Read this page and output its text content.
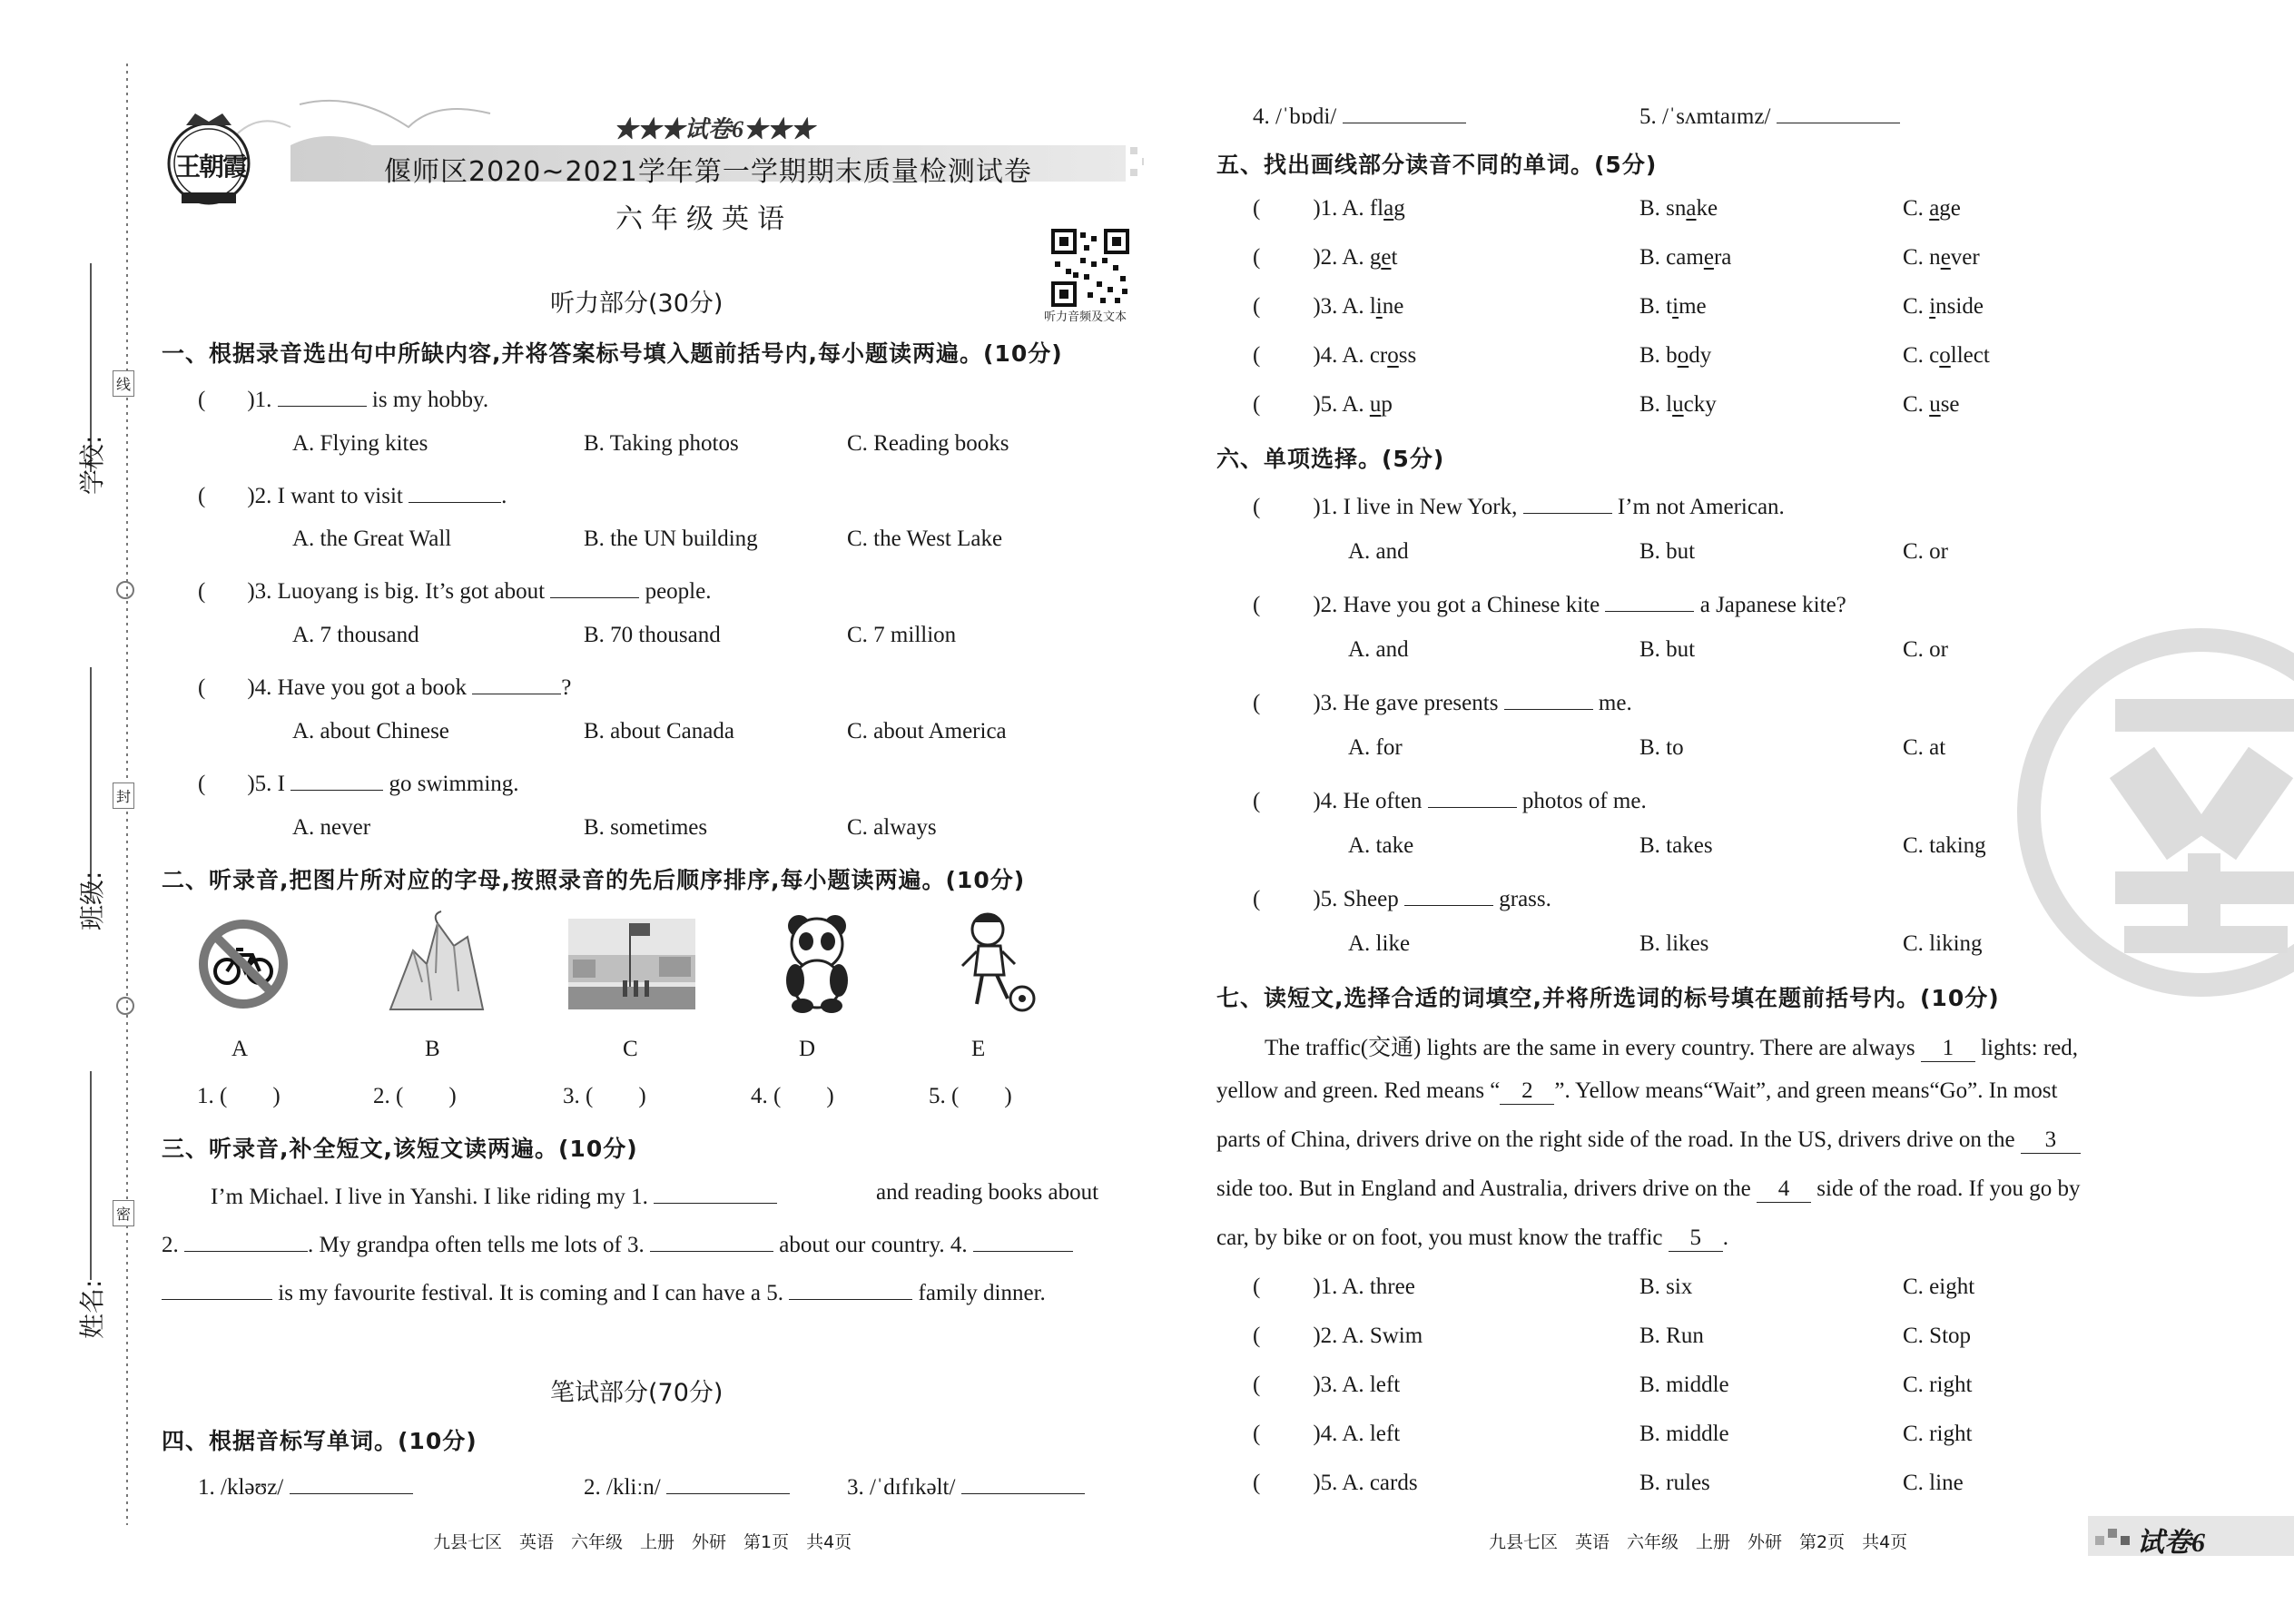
学校:
班级:
姓名:
线
封
密
王朝霞
★★★试卷6★★★
偃师区2020~2021学年第一学期期末质量检测试卷
六年级英语
听力音频及文本
听力部分(30分)
一、根据录音选出句中所缺内容,并将答案标号填入题前括号内,每小题读两遍。(10分)
( )1.	is my hobby.
A. Flying kites	B. Taking photos	C. Reading books
( )2. I want to visit	.
A. the Great Wall	B. the UN building	C. the West Lake
( )3. Luoyang is big. It’s got about	people.
A. 7 thousand	B. 70 thousand	C. 7 million
( )4. Have you got a book	?
A. about Chinese	B. about Canada	C. about America
( )5. I	go swimming.
A. never	B. sometimes	C. always
二、听录音,把图片所对应的字母,按照录音的先后顺序排序,每小题读两遍。(10分)
A	B	C	D	E
1. ( )	2. ( )	3. ( )	4. ( )	5. ( )
三、听录音,补全短文,该短文读两遍。(10分)
I’m Michael. I live in Yanshi. I like riding my 1.	and reading books about
2.	. My grandpa often tells me lots of 3.	about our country. 4.
is my favourite festival. It is coming and I can have a 5.	family dinner.
笔试部分(70分)
四、根据音标写单词。(10分)
1. /kləʊz/	2. /kliːn/	3. /ˈdɪfɪkəlt/
九县七区　英语　六年级　上册　外研　第1页　共4页
4. /ˈbɒdi/	5. /ˈsʌmtaɪmz/
五、找出画线部分读音不同的单词。(5分)
( )1. A. flag	B. snake	C. age
( )2. A. get	B. camera	C. never
( )3. A. line	B. time	C. inside
( )4. A. cross	B. body	C. collect
( )5. A. up	B. lucky	C. use
六、单项选择。(5分)
( )1. I live in New York,	I’m not American.
A. and	B. but	C. or
( )2. Have you got a Chinese kite	a Japanese kite?
A. and	B. but	C. or
( )3. He gave presents	me.
A. for	B. to	C. at
( )4. He often	photos of me.
A. take	B. takes	C. taking
( )5. Sheep	grass.
A. like	B. likes	C. liking
七、读短文,选择合适的词填空,并将所选词的标号填在题前括号内。(10分)
The traffic(交通) lights are the same in every country. There are always 1 lights: red,
yellow and green. Red means “ 2 ”. Yellow means“Wait”, and green means“Go”. In most
parts of China, drivers drive on the right side of the road. In the US, drivers drive on the 3
side too. But in England and Australia, drivers drive on the 4 side of the road. If you go by
car, by bike or on foot, you must know the traffic 5 .
( )1. A. three	B. six	C. eight
( )2. A. Swim	B. Run	C. Stop
( )3. A. left	B. middle	C. right
( )4. A. left	B. middle	C. right
( )5. A. cards	B. rules	C. line
九县七区　英语　六年级　上册　外研　第2页　共4页	试卷6
